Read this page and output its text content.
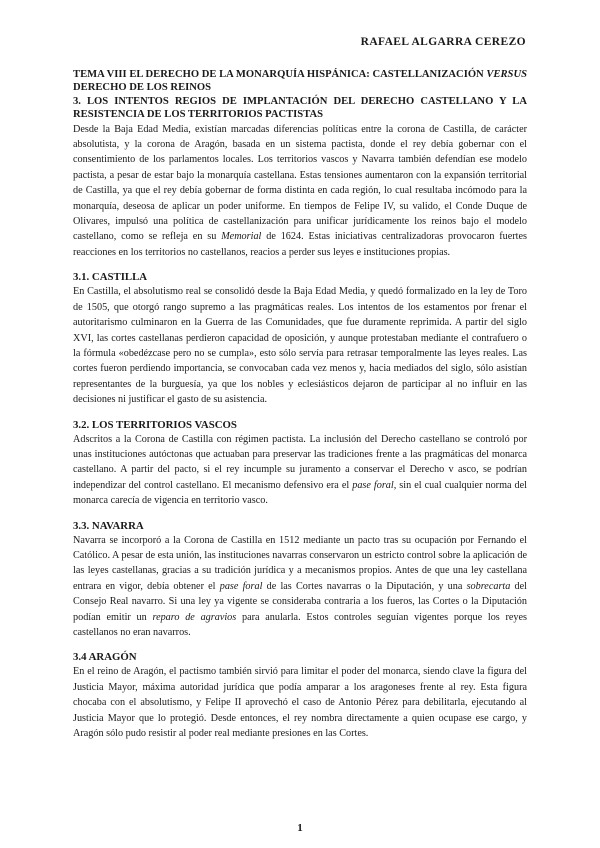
RAFAEL ALGARRA CEREZO
TEMA VIII EL DERECHO DE LA MONARQUÍA HISPÁNICA: CASTELLANIZACIÓN VERSUS DERECHO DE LOS REINOS
3. LOS INTENTOS REGIOS DE IMPLANTACIÓN DEL DERECHO CASTELLANO Y LA RESISTENCIA DE LOS TERRITORIOS PACTISTAS

Desde la Baja Edad Media, existían marcadas diferencias políticas entre la corona de Castilla, de carácter absolutista, y la corona de Aragón, basada en un sistema pactista, donde el rey debía gobernar con el consentimiento de los parlamentos locales. Los territorios vascos y Navarra también defendían ese modelo pactista, a pesar de estar bajo la monarquía castellana. Estas tensiones aumentaron con la expansión territorial de Castilla, ya que el rey debía gobernar de forma distinta en cada región, lo cual resultaba incómodo para la monarquía, deseosa de aplicar un poder uniforme. En tiempos de Felipe IV, su valido, el Conde Duque de Olivares, impulsó una política de castellanización para unificar jurídicamente los reinos bajo el modelo castellano, como se refleja en su Memorial de 1624. Estas iniciativas centralizadoras provocaron fuertes reacciones en los territorios no castellanos, reacios a perder sus leyes e instituciones propias.

3.1. CASTILLA

En Castilla, el absolutismo real se consolidó desde la Baja Edad Media, y quedó formalizado en la ley de Toro de 1505, que otorgó rango supremo a las pragmáticas reales. Los intentos de los estamentos por frenar el autoritarismo culminaron en la Guerra de las Comunidades, que fue duramente reprimida. A partir del siglo XVI, las cortes castellanas perdieron capacidad de oposición, y aunque protestaban mediante el contrafuero o la fórmula «obedézcase pero no se cumpla», esto sólo servía para retrasar temporalmente las leyes reales. Las cortes fueron perdiendo importancia, se convocaban cada vez menos y, hacia mediados del siglo, sólo asistían representantes de la burguesía, ya que los nobles y eclesiásticos dejaron de participar al no influir en las decisiones ni justificar el gasto de su asistencia.

3.2. LOS TERRITORIOS VASCOS

Adscritos a la Corona de Castilla con régimen pactista. La inclusión del Derecho castellano se controló por unas instituciones autóctonas que actuaban para preservar las tradiciones frente a las pragmáticas del monarca castellano. A partir del pacto, si el rey incumple su juramento a conservar el Derecho v asco, se podrían independizar del control castellano. El mecanismo defensivo era el pase foral, sin el cual cualquier norma del monarca carecía de vigencia en territorio vasco.

3.3. NAVARRA

Navarra se incorporó a la Corona de Castilla en 1512 mediante un pacto tras su ocupación por Fernando el Católico. A pesar de esta unión, las instituciones navarras conservaron un estricto control sobre la aplicación de las leyes castellanas, gracias a su tradición jurídica y a mecanismos propios. Antes de que una ley castellana entrara en vigor, debía obtener el pase foral de las Cortes navarras o la Diputación, y una sobrecarta del Consejo Real navarro. Si una ley ya vigente se consideraba contraria a los fueros, las Cortes o la Diputación podían emitir un reparo de agravios para anularla. Estos controles seguían vigentes porque los reyes castellanos no eran navarros.

3.4 ARAGÓN

En el reino de Aragón, el pactismo también sirvió para limitar el poder del monarca, siendo clave la figura del Justicia Mayor, máxima autoridad jurídica que podía amparar a los aragoneses frente al rey. Esta figura chocaba con el absolutismo, y Felipe II aprovechó el caso de Antonio Pérez para debilitarla, ejecutando al Justicia Mayor que lo protegió. Desde entonces, el rey nombra directamente a quien ocupase ese cargo, y Aragón sólo pudo resistir al poder real mediante presiones en las Cortes.

1
